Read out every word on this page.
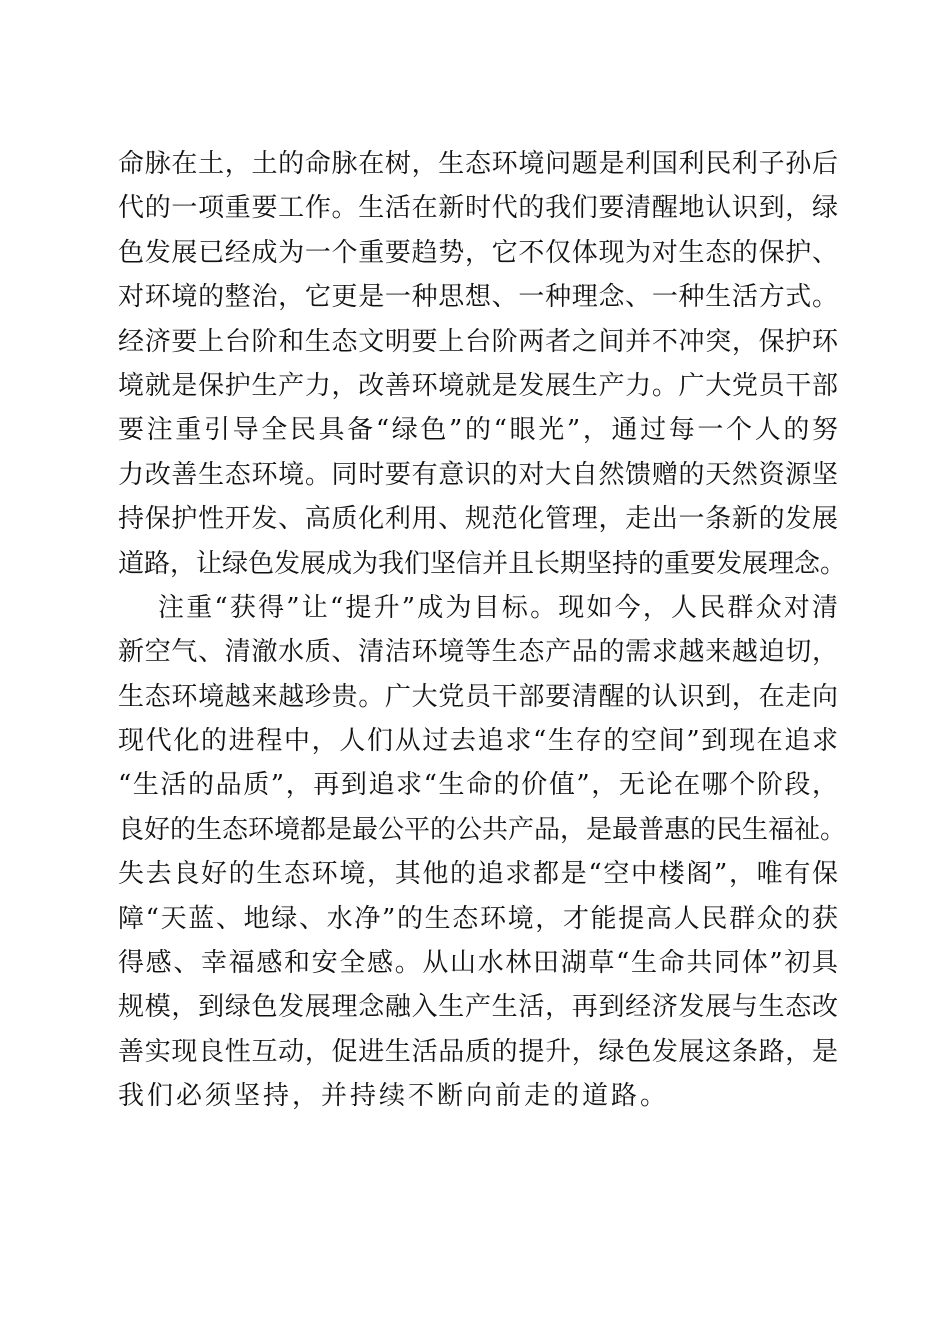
命脉在土，土的命脉在树，生态环境问题是利国利民利子孙后
代的一项重要工作。生活在新时代的我们要清醒地认识到，绿
色发展已经成为一个重要趋势，它不仅体现为对生态的保护、
对环境的整治，它更是一种思想、一种理念、一种生活方式。
经济要上台阶和生态文明要上台阶两者之间并不冲突，保护环
境就是保护生产力，改善环境就是发展生产力。广大党员干部
要注重引导全民具备“绿色”的“眼光”，通过每一个人的努
力改善生态环境。同时要有意识的对大自然馈赠的天然资源坚
持保护性开发、高质化利用、规范化管理，走出一条新的发展
道路，让绿色发展成为我们坚信并且长期坚持的重要发展理念。
注重“获得”让“提升”成为目标。现如今，人民群众对清
新空气、清澈水质、清洁环境等生态产品的需求越来越迫切，
生态环境越来越珍贵。广大党员干部要清醒的认识到，在走向
现代化的进程中，人们从过去追求“生存的空间”到现在追求
“生活的品质”，再到追求“生命的价值”，无论在哪个阶段，
良好的生态环境都是最公平的公共产品，是最普惠的民生福祉。
失去良好的生态环境，其他的追求都是“空中楼阁”，唯有保
障“天蓝、地绿、水净”的生态环境，才能提高人民群众的获
得感、幸福感和安全感。从山水林田湖草“生命共同体”初具
规模，到绿色发展理念融入生产生活，再到经济发展与生态改
善实现良性互动，促进生活品质的提升，绿色发展这条路，是
我们必须坚持，并持续不断向前走的道路。
